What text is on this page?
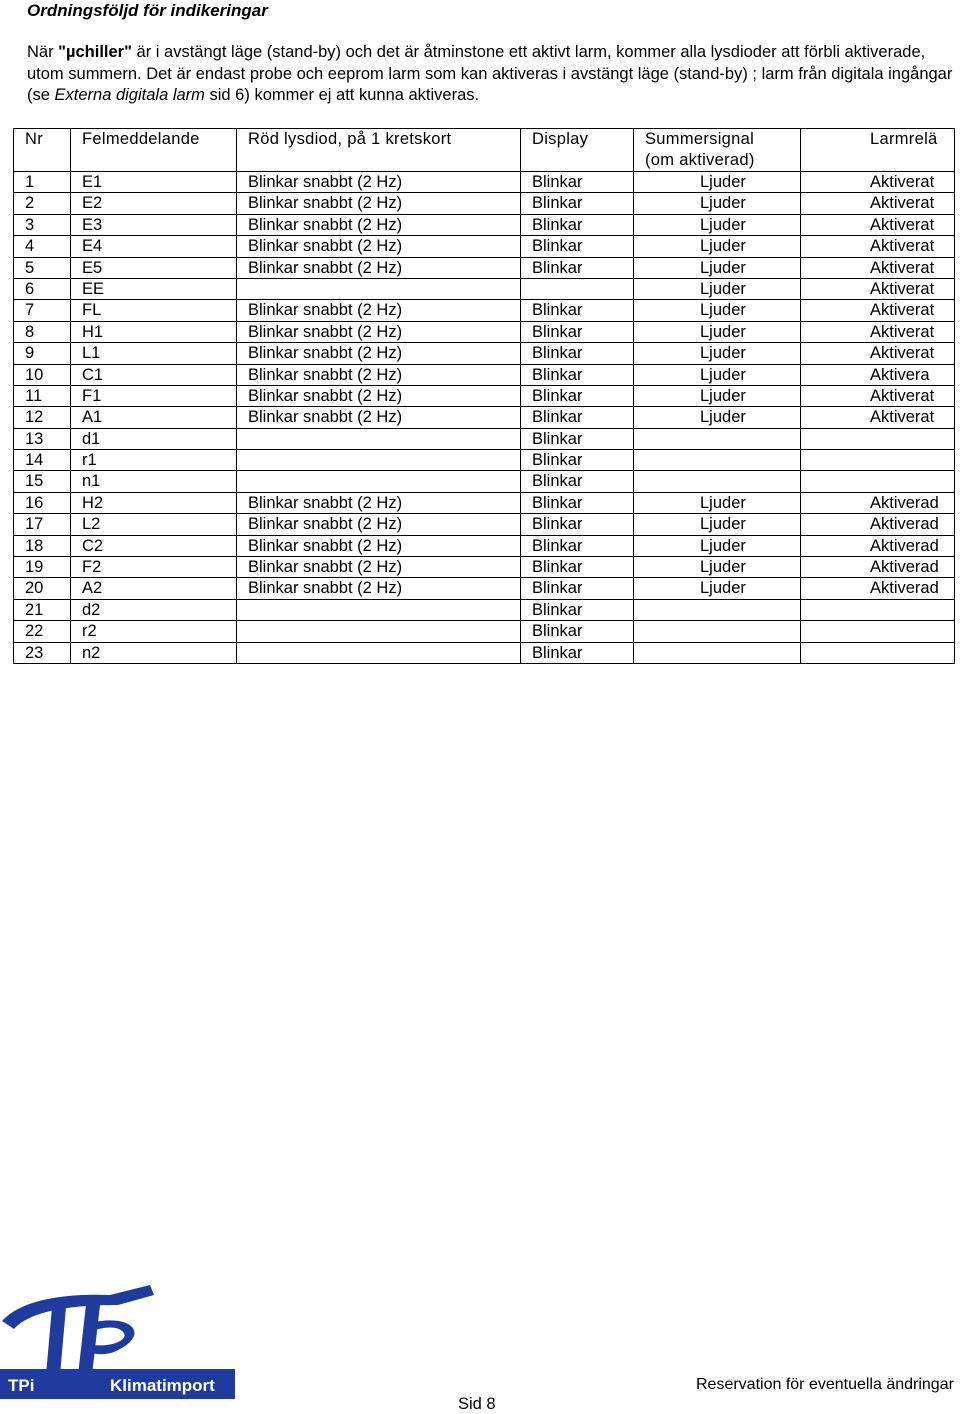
Ordningsföljd för indikeringar

När "µchiller" är i avstängt läge (stand-by) och det är åtminstone ett aktivt larm, kommer alla lysdioder att förbli aktiverade, utom summern. Det är endast probe och eeprom larm som kan aktiveras i avstängt läge (stand-by) ; larm från digitala ingångar (se Externa digitala larm sid 6) kommer ej att kunna aktiveras.

Nr	Felmeddelande	Röd lysdiod, på 1 kretskort	Display	Summersignal
(om aktiverad)	Larmrelä
1	E1	Blinkar snabbt (2 Hz)	Blinkar	Ljuder	Aktiverat
2	E2	Blinkar snabbt (2 Hz)	Blinkar	Ljuder	Aktiverat
3	E3	Blinkar snabbt (2 Hz)	Blinkar	Ljuder	Aktiverat
4	E4	Blinkar snabbt (2 Hz)	Blinkar	Ljuder	Aktiverat
5	E5	Blinkar snabbt (2 Hz)	Blinkar	Ljuder	Aktiverat
6	EE			Ljuder	Aktiverat
7	FL	Blinkar snabbt (2 Hz)	Blinkar	Ljuder	Aktiverat
8	H1	Blinkar snabbt (2 Hz)	Blinkar	Ljuder	Aktiverat
9	L1	Blinkar snabbt (2 Hz)	Blinkar	Ljuder	Aktiverat
10	C1	Blinkar snabbt (2 Hz)	Blinkar	Ljuder	Aktivera
11	F1	Blinkar snabbt (2 Hz)	Blinkar	Ljuder	Aktiverat
12	A1	Blinkar snabbt (2 Hz)	Blinkar	Ljuder	Aktiverat
13	d1		Blinkar		
14	r1		Blinkar		
15	n1		Blinkar		
16	H2	Blinkar snabbt (2 Hz)	Blinkar	Ljuder	Aktiverad
17	L2	Blinkar snabbt (2 Hz)	Blinkar	Ljuder	Aktiverad
18	C2	Blinkar snabbt (2 Hz)	Blinkar	Ljuder	Aktiverad
19	F2	Blinkar snabbt (2 Hz)	Blinkar	Ljuder	Aktiverad
20	A2	Blinkar snabbt (2 Hz)	Blinkar	Ljuder	Aktiverad
21	d2		Blinkar		
22	r2		Blinkar		
23	n2		Blinkar		
TPi	Klimatimport
Sid 8
Reservation för eventuella ändringar
